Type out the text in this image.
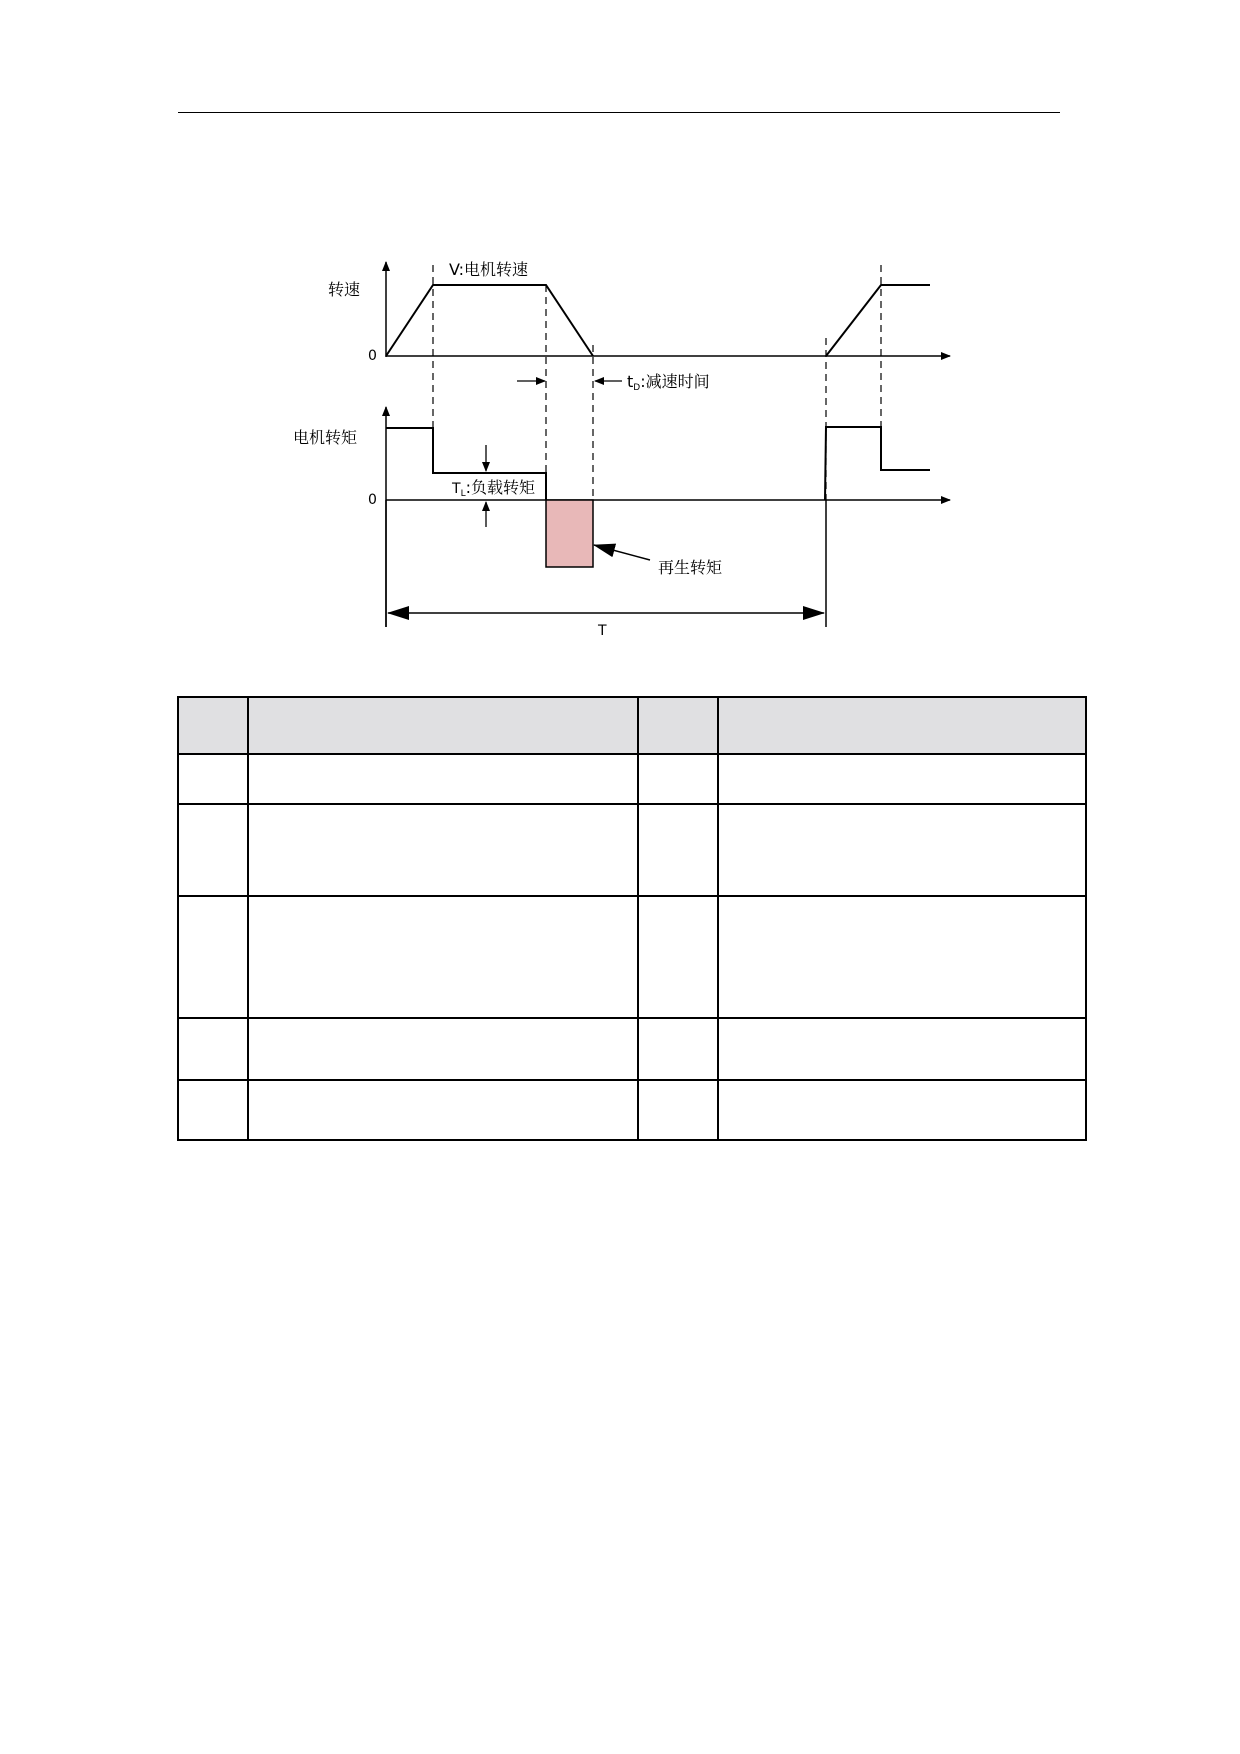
转速
0
V:电机转速
tD:减速时间
电机转矩
0
TL:负载转矩
再生转矩
T
